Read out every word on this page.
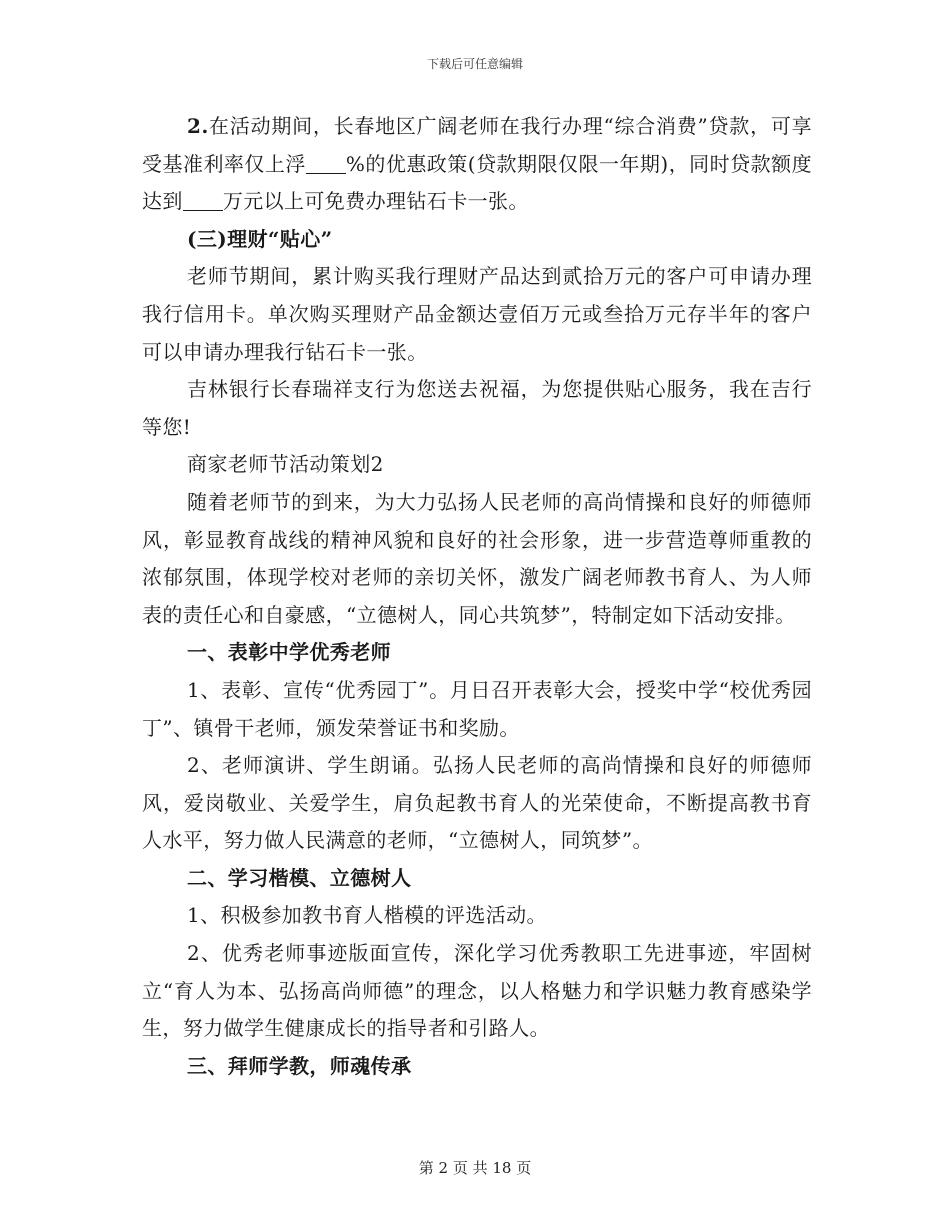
下载后可任意编辑

2.在活动期间，长春地区广阔老师在我行办理“综合消费”贷款，可享受基准利率仅上浮 %的优惠政策(贷款期限仅限一年期)，同时贷款额度达到 万元以上可免费办理钻石卡一张。

(三)理财“贴心”

老师节期间，累计购买我行理财产品达到贰拾万元的客户可申请办理我行信用卡。单次购买理财产品金额达壹佰万元或叁拾万元存半年的客户可以申请办理我行钻石卡一张。

吉林银行长春瑞祥支行为您送去祝福，为您提供贴心服务，我在吉行等您!

商家老师节活动策划2

随着老师节的到来，为大力弘扬人民老师的高尚情操和良好的师德师风，彰显教育战线的精神风貌和良好的社会形象，进一步营造尊师重教的浓郁氛围，体现学校对老师的亲切关怀，激发广阔老师教书育人、为人师表的责任心和自豪感，“立德树人，同心共筑梦”，特制定如下活动安排。

一、表彰中学优秀老师

1、表彰、宣传“优秀园丁”。月日召开表彰大会，授奖中学“校优秀园丁”、镇骨干老师，颁发荣誉证书和奖励。

2、老师演讲、学生朗诵。弘扬人民老师的高尚情操和良好的师德师风，爱岗敬业、关爱学生，肩负起教书育人的光荣使命，不断提高教书育人水平，努力做人民满意的老师，“立德树人，同筑梦”。

二、学习楷模、立德树人

1、积极参加教书育人楷模的评选活动。

2、优秀老师事迹版面宣传，深化学习优秀教职工先进事迹，牢固树立“育人为本、弘扬高尚师德”的理念，以人格魅力和学识魅力教育感染学生，努力做学生健康成长的指导者和引路人。

三、拜师学教，师魂传承

第 2 页 共 18 页
